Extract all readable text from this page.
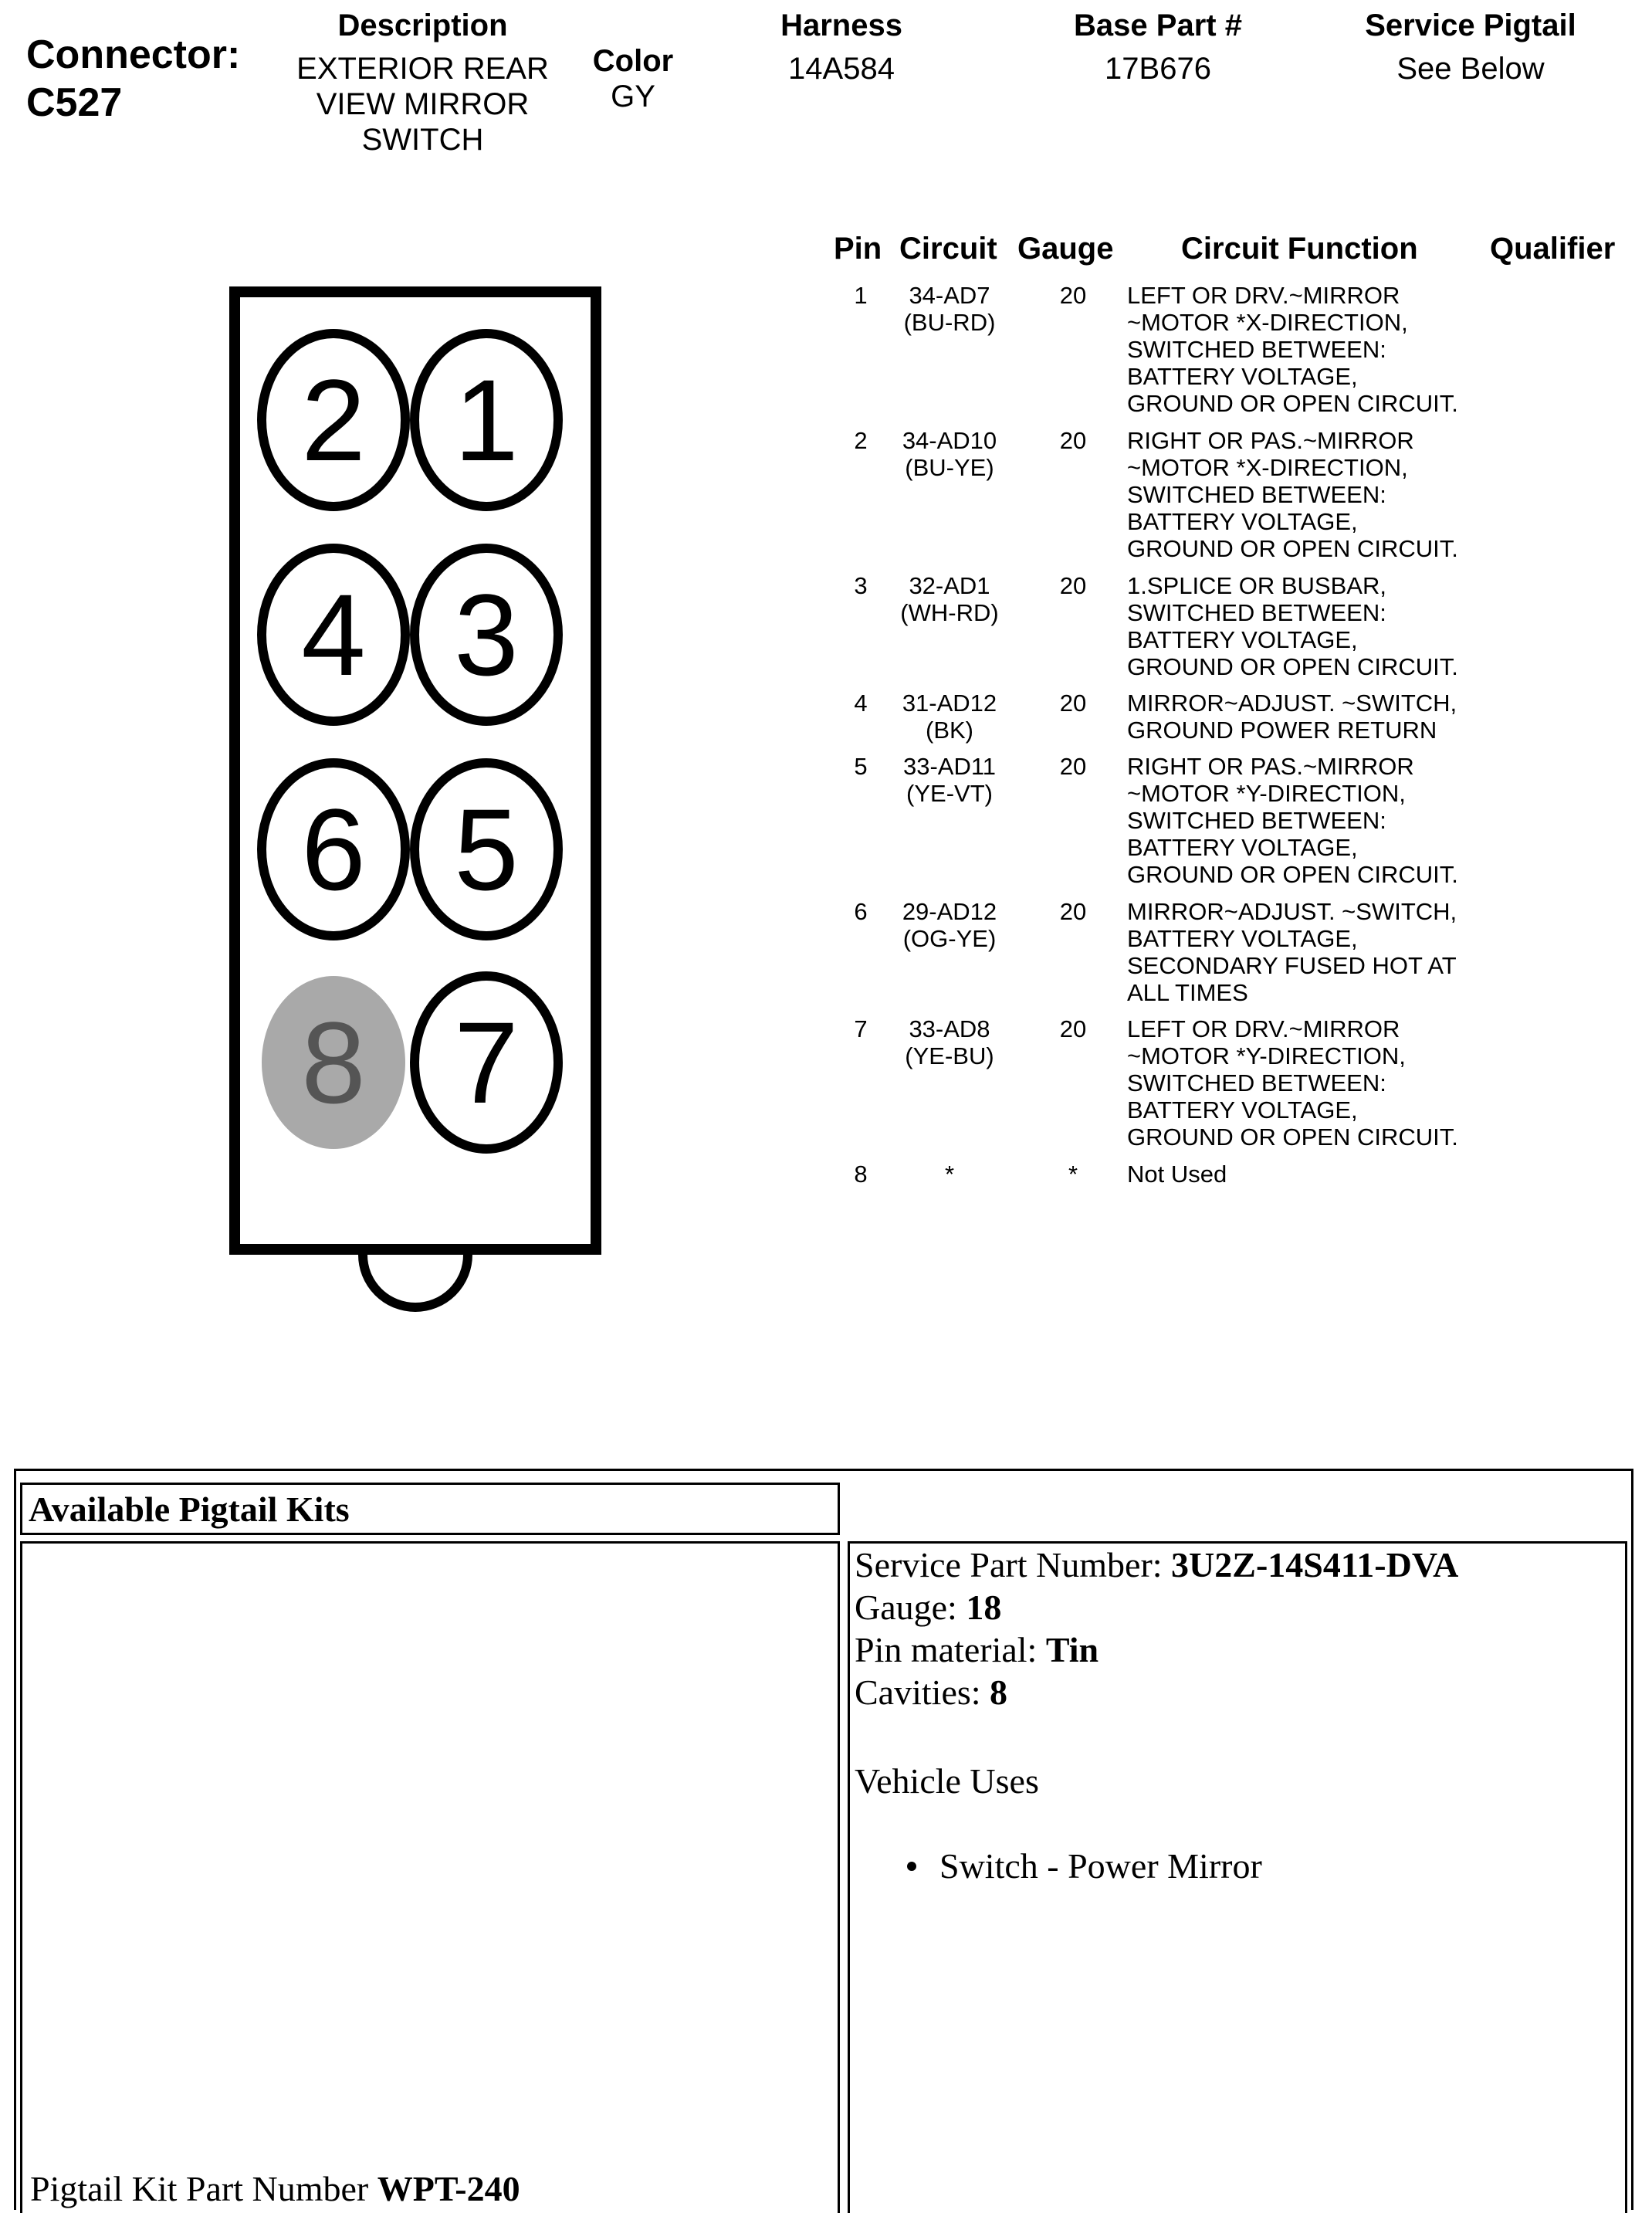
Connector:
C527
Description
EXTERIOR REAR
VIEW MIRROR
SWITCH
Color
GY
Harness
14A584
Base Part #
17B676
Service Pigtail
See Below
2 1
4 3
6 5
8 7
Pin Circuit Gauge Circuit Function Qualifier
1	34-AD7
(BU-RD)
20	LEFT OR DRV.~MIRROR
~MOTOR *X-DIRECTION,
SWITCHED BETWEEN:
BATTERY VOLTAGE,
GROUND OR OPEN CIRCUIT.
2	34-AD10
(BU-YE)
20	RIGHT OR PAS.~MIRROR
~MOTOR *X-DIRECTION,
SWITCHED BETWEEN:
BATTERY VOLTAGE,
GROUND OR OPEN CIRCUIT.
3	32-AD1
(WH-RD)
20	1.SPLICE OR BUSBAR,
SWITCHED BETWEEN:
BATTERY VOLTAGE,
GROUND OR OPEN CIRCUIT.
4	31-AD12
(BK)
20	MIRROR~ADJUST. ~SWITCH,
GROUND POWER RETURN
5	33-AD11
(YE-VT)
20	RIGHT OR PAS.~MIRROR
~MOTOR *Y-DIRECTION,
SWITCHED BETWEEN:
BATTERY VOLTAGE,
GROUND OR OPEN CIRCUIT.
6	29-AD12
(OG-YE)
20	MIRROR~ADJUST. ~SWITCH,
BATTERY VOLTAGE,
SECONDARY FUSED HOT AT
ALL TIMES
7	33-AD8
(YE-BU)
20	LEFT OR DRV.~MIRROR
~MOTOR *Y-DIRECTION,
SWITCHED BETWEEN:
BATTERY VOLTAGE,
GROUND OR OPEN CIRCUIT.
8	*	*	Not Used
Available Pigtail Kits
Pigtail Kit Part Number WPT-240
Service Part Number: 3U2Z-14S411-DVA
Gauge: 18
Pin material: Tin
Cavities: 8
Vehicle Uses
Switch - Power Mirror
